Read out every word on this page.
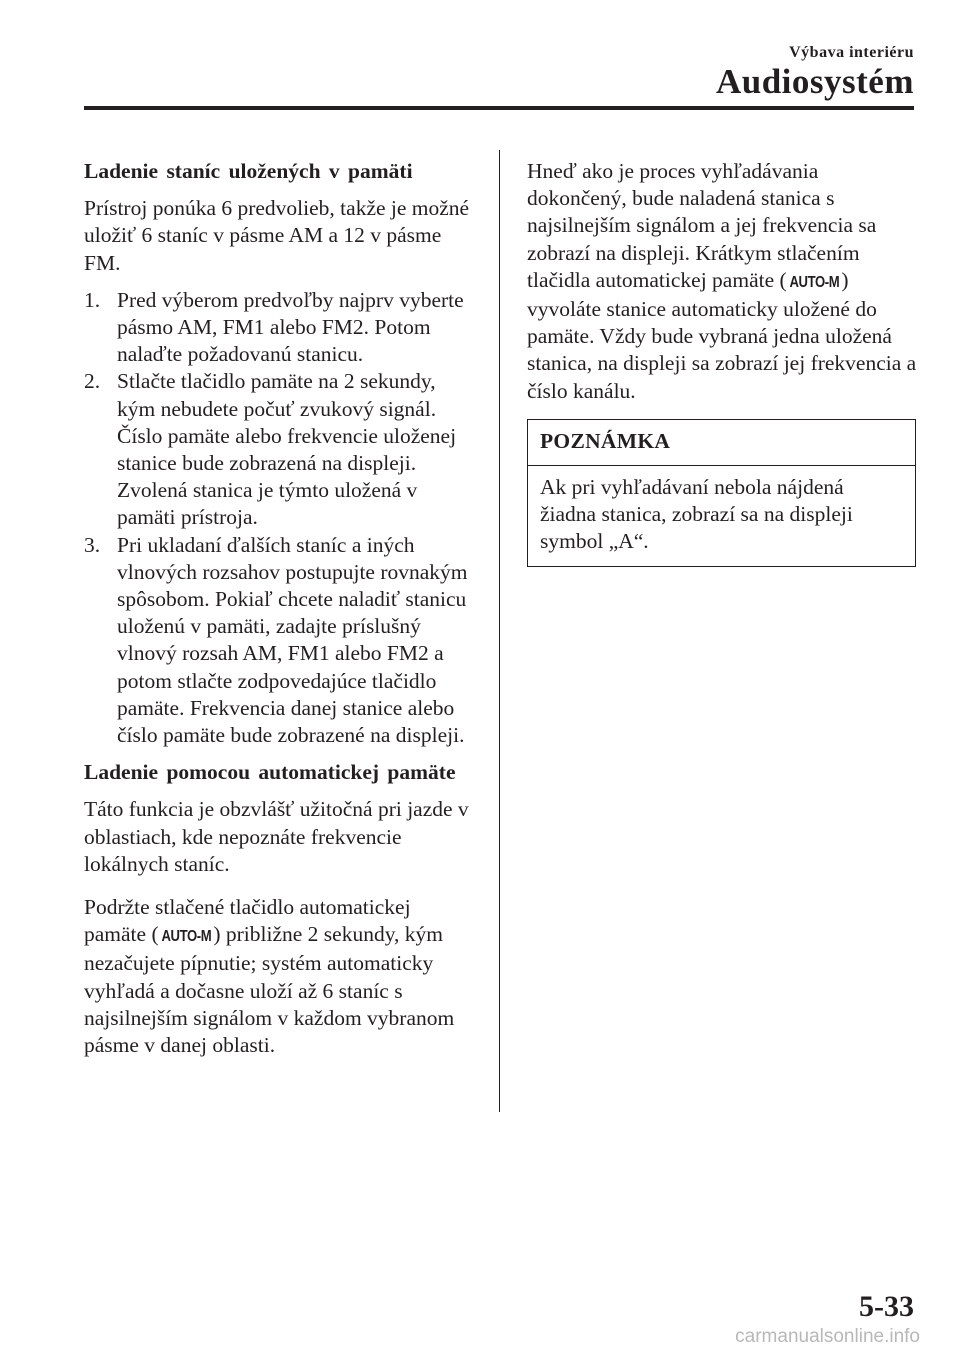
Výbava interiéru
Audiosystém

Ladenie staníc uložených v pamäti

Prístroj ponúka 6 predvolieb, takže je možné uložiť 6 staníc v pásme AM a 12 v pásme FM.

1. Pred výberom predvoľby najprv vyberte pásmo AM, FM1 alebo FM2. Potom nalaďte požadovanú stanicu.
2. Stlačte tlačidlo pamäte na 2 sekundy, kým nebudete počuť zvukový signál. Číslo pamäte alebo frekvencie uloženej stanice bude zobrazená na displeji. Zvolená stanica je týmto uložená v pamäti prístroja.
3. Pri ukladaní ďalších staníc a iných vlnových rozsahov postupujte rovnakým spôsobom. Pokiaľ chcete naladiť stanicu uloženú v pamäti, zadajte príslušný vlnový rozsah AM, FM1 alebo FM2 a potom stlačte zodpovedajúce tlačidlo pamäte. Frekvencia danej stanice alebo číslo pamäte bude zobrazené na displeji.

Ladenie pomocou automatickej pamäte

Táto funkcia je obzvlášť užitočná pri jazde v oblastiach, kde nepoznáte frekvencie lokálnych staníc.

Podržte stlačené tlačidlo automatickej pamäte ( AUTO-M ) približne 2 sekundy, kým nezačujete pípnutie; systém automaticky vyhľadá a dočasne uloží až 6 staníc s najsilnejším signálom v každom vybranom pásme v danej oblasti.

Hneď ako je proces vyhľadávania dokončený, bude naladená stanica s najsilnejším signálom a jej frekvencia sa zobrazí na displeji. Krátkym stlačením tlačidla automatickej pamäte ( AUTO-M ) vyvoláte stanice automaticky uložené do pamäte. Vždy bude vybraná jedna uložená stanica, na displeji sa zobrazí jej frekvencia a číslo kanálu.

POZNÁMKA
Ak pri vyhľadávaní nebola nájdená žiadna stanica, zobrazí sa na displeji symbol „A“.
5-33
carmanualsonline.info
